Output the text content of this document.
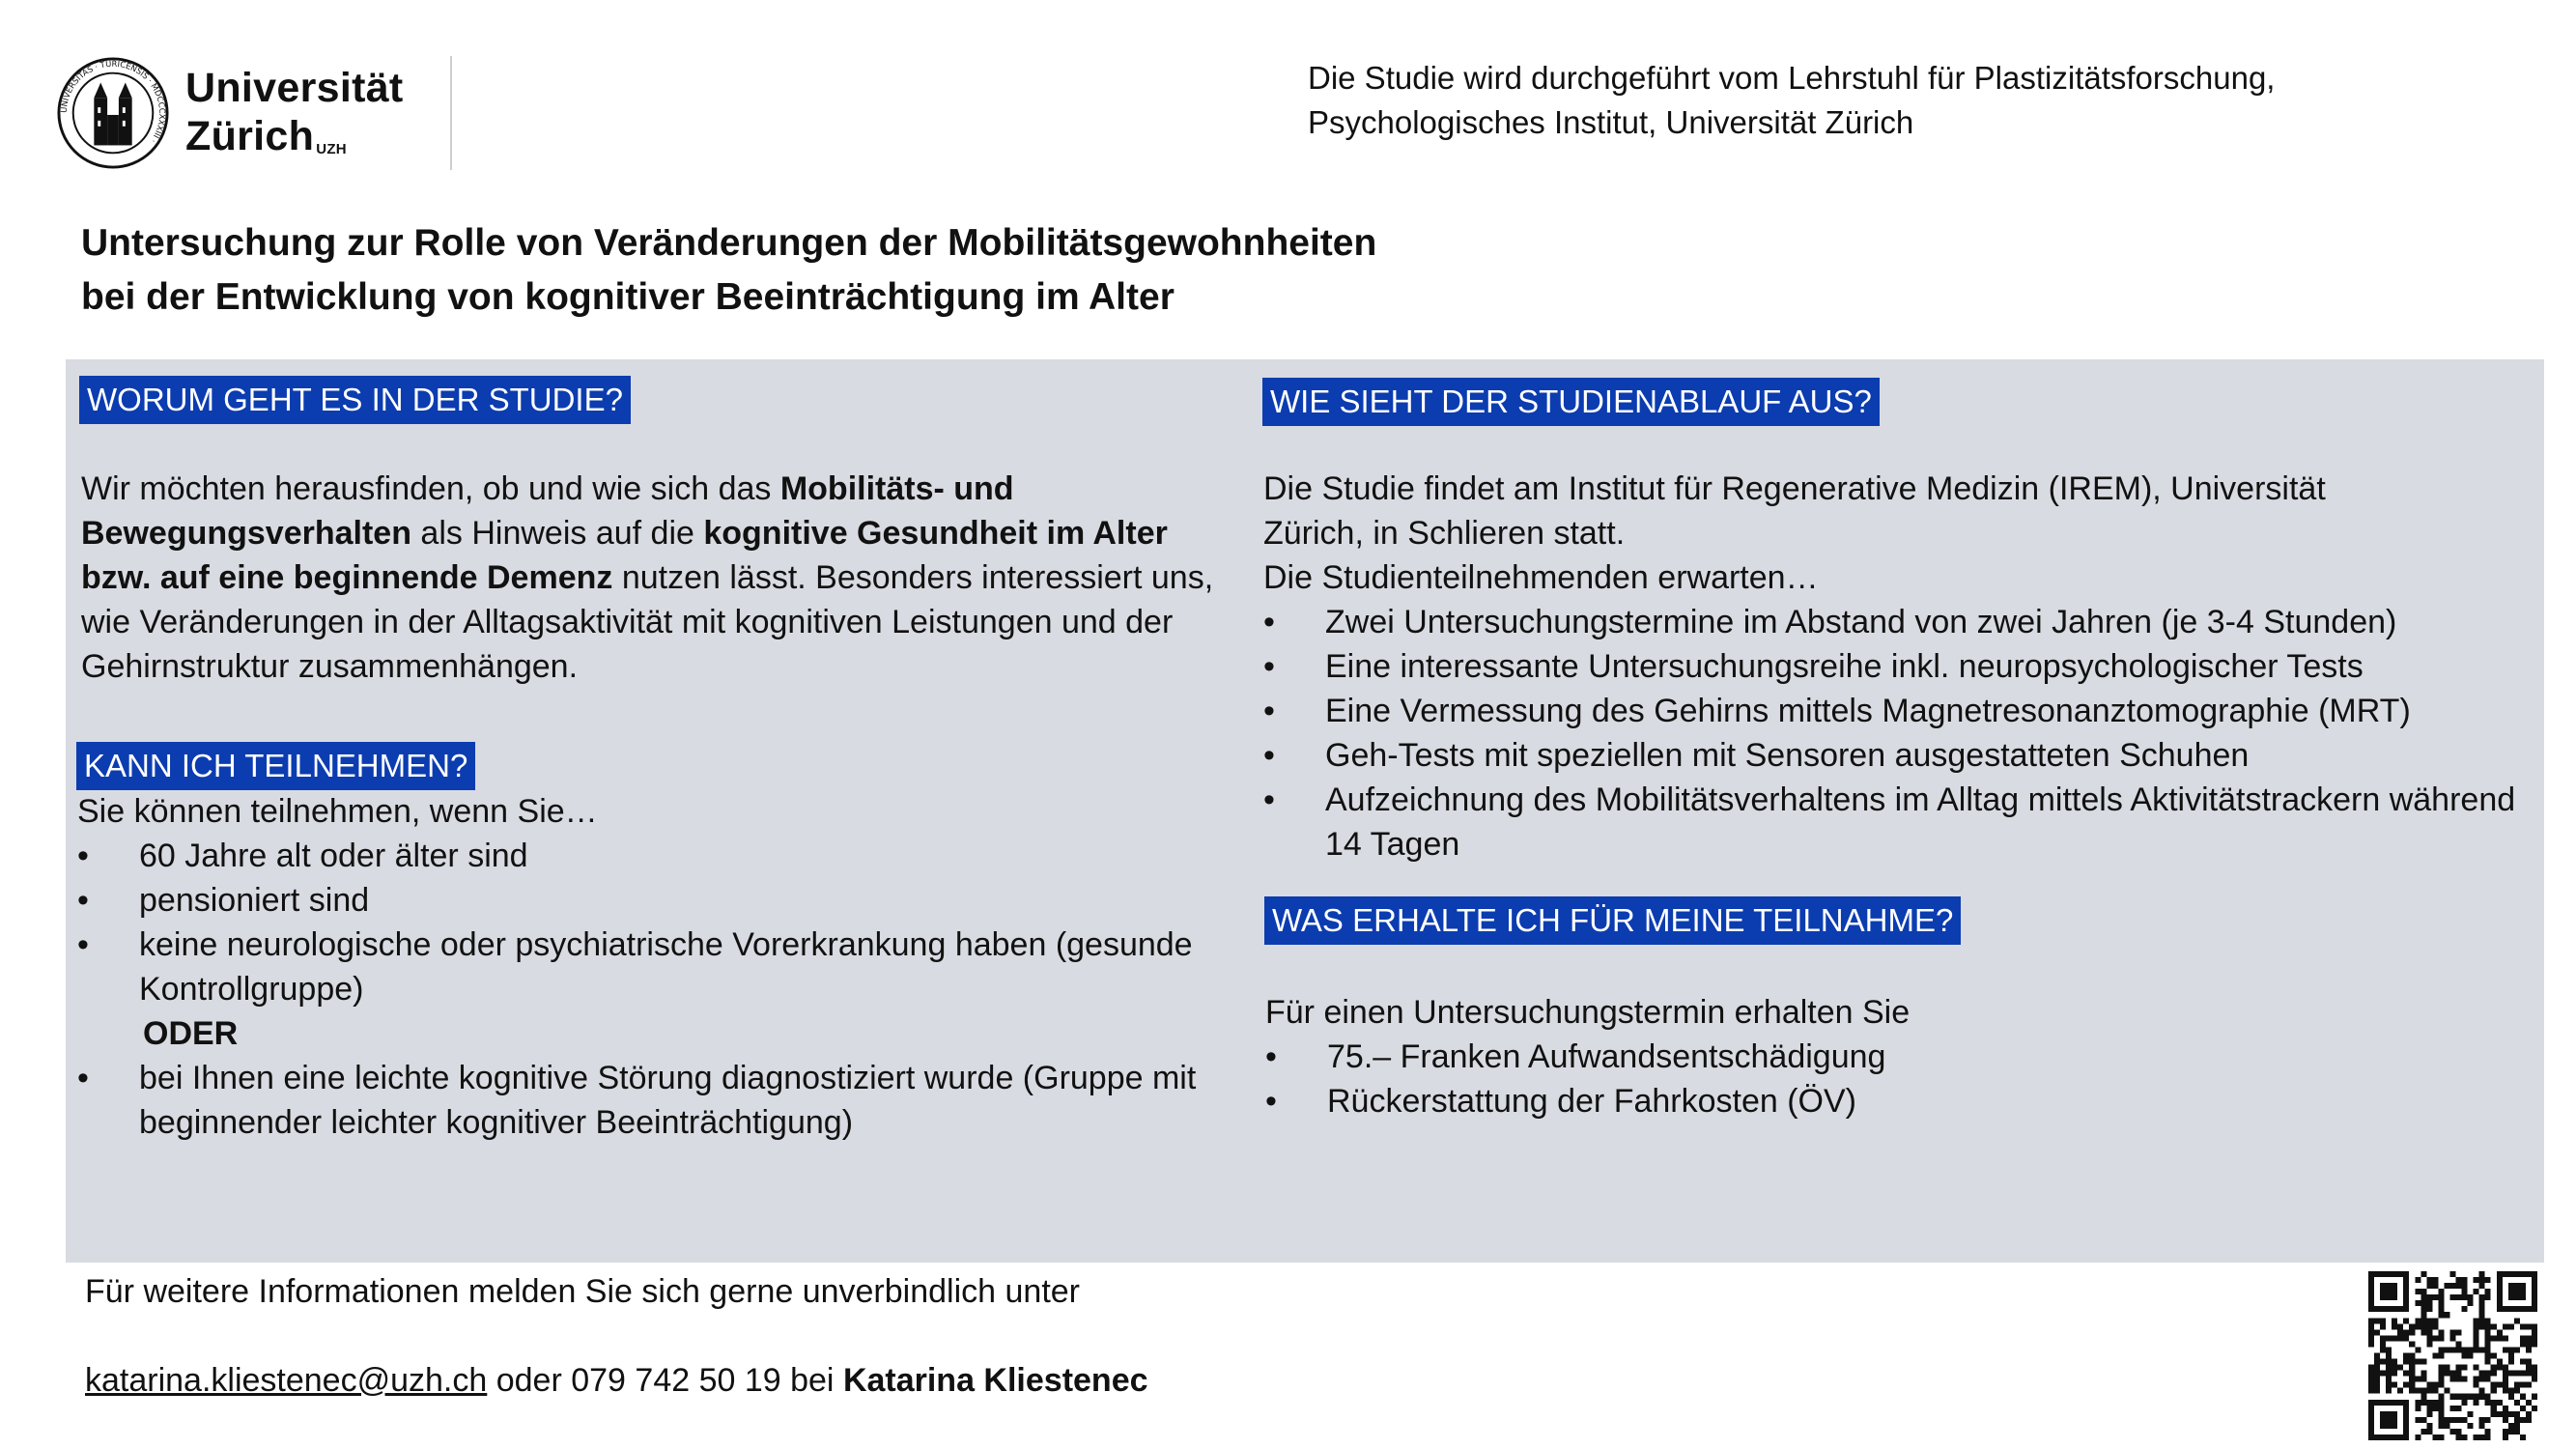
UNIVERSITAS · TURICENSIS · MDCCCXXXIII ·
Universität
Zürich $^{UZH}$
Die Studie wird durchgeführt vom Lehrstuhl für Plastizitätsforschung,
Psychologisches Institut, Universität Zürich
Untersuchung zur Rolle von Veränderungen der Mobilitätsgewohnheiten
bei der Entwicklung von kognitiver Beeinträchtigung im Alter
WORUM GEHT ES IN DER STUDIE?
Wir möchten herausfinden, ob und wie sich das Mobilitäts- und Bewegungsverhalten als Hinweis auf die kognitive Gesundheit im Alter bzw. auf eine beginnende Demenz nutzen lässt. Besonders interessiert uns, wie Veränderungen in der Alltagsaktivität mit kognitiven Leistungen und der Gehirnstruktur zusammenhängen.
KANN ICH TEILNEHMEN?
Sie können teilnehmen, wenn Sie…
• 60 Jahre alt oder älter sind
• pensioniert sind
• keine neurologische oder psychiatrische Vorerkrankung haben (gesunde Kontrollgruppe)
ODER
• bei Ihnen eine leichte kognitive Störung diagnostiziert wurde (Gruppe mit beginnender leichter kognitiver Beeinträchtigung)
WIE SIEHT DER STUDIENABLAUF AUS?
Die Studie findet am Institut für Regenerative Medizin (IREM), Universität Zürich, in Schlieren statt.
Die Studienteilnehmenden erwarten…
• Zwei Untersuchungstermine im Abstand von zwei Jahren (je 3-4 Stunden)
• Eine interessante Untersuchungsreihe inkl. neuropsychologischer Tests
• Eine Vermessung des Gehirns mittels Magnetresonanztomographie (MRT)
• Geh-Tests mit speziellen mit Sensoren ausgestatteten Schuhen
• Aufzeichnung des Mobilitätsverhaltens im Alltag mittels Aktivitätstrackern während 14 Tagen
WAS ERHALTE ICH FÜR MEINE TEILNAHME?
Für einen Untersuchungstermin erhalten Sie
• 75.– Franken Aufwandsentschädigung
• Rückerstattung der Fahrkosten (ÖV)
Für weitere Informationen melden Sie sich gerne unverbindlich unter
katarina.kliestenec@uzh.ch oder 079 742 50 19 bei Katarina Kliestenec
